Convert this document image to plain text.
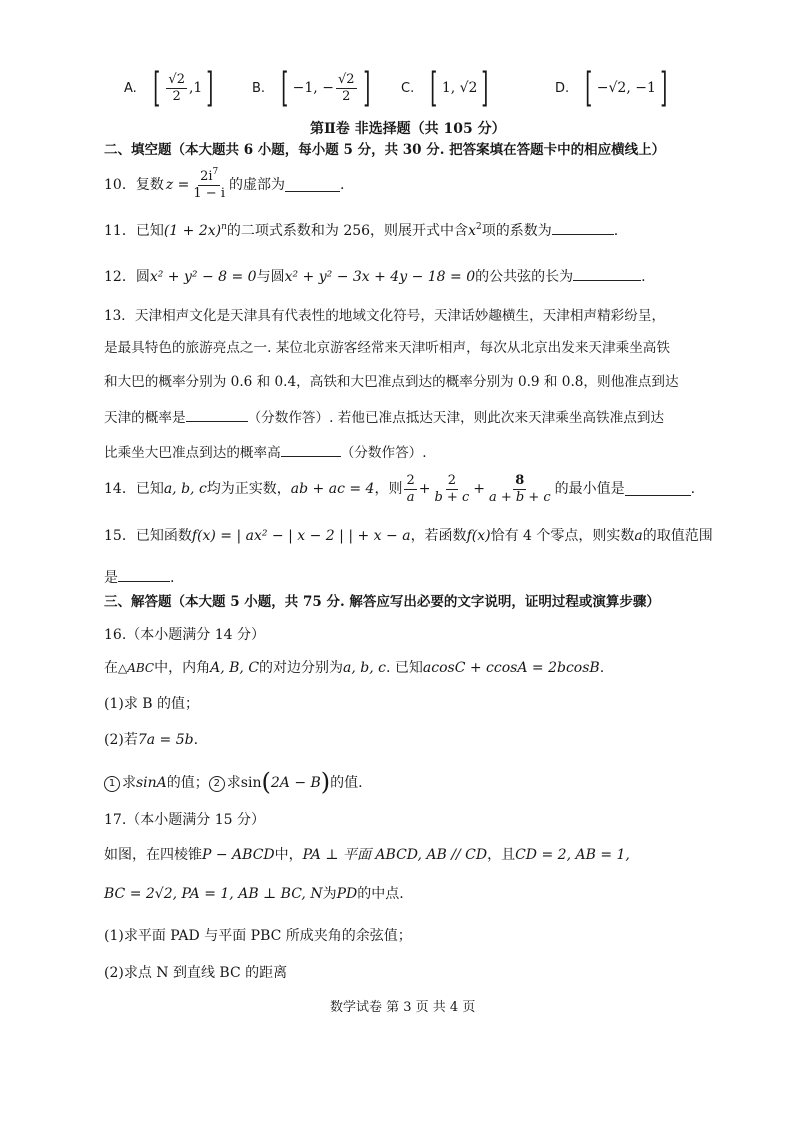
A. [ $\frac{√2}{2} ,1$ ]	B. [ −1, − $\frac{√2}{2}$ ] C. [ 1, √2 ]	D. [ −√2, −1 ]
第Ⅱ卷 非选择题（共 105 分）
二、填空题（本大题共 6 小题，每小题 5 分，共 30 分. 把答案填在答题卡中的相应横线上）
10．复数 $z = \frac{2i^7}{1 - i}$ 的虚部为	.
11．已知$(1 + 2x)^n$的二项式系数和为 256，则展开式中含$x^2$项的系数为	.
12．圆x² + y² − 8 = 0与圆x² + y² − 3x + 4y − 18 = 0的公共弦的长为	.
13．天津相声文化是天津具有代表性的地域文化符号，天津话妙趣横生，天津相声精彩纷呈，
是最具特色的旅游亮点之一. 某位北京游客经常来天津听相声，每次从北京出发来天津乘坐高铁
和大巴的概率分别为 0.6 和 0.4，高铁和大巴准点到达的概率分别为 0.9 和 0.8，则他准点到达
天津的概率是	（分数作答）. 若他已准点抵达天津，则此次来天津乘坐高铁准点到达
比乘坐大巴准点到达的概率高	（分数作答）.
14．已知 a, b, c 均为正实数， ab + ac = 4 ，则 $\frac{2}{a} + \frac{2}{b + c} + \frac{8}{a + b + c}$ 的最小值是	.
15．已知函数f(x) = | ax² − | x − 2 | | + x − a，若函数f(x)恰有 4 个零点，则实数a的取值范围
是	.
三、解答题（本大题 5 小题，共 75 分. 解答应写出必要的文字说明，证明过程或演算步骤）
16.（本小题满分 14 分）
在△ABC中，内角A, B, C的对边分别为a, b, c. 已知acosC + ccosA = 2bcosB.
(1)求 B 的值；
(2)若7a = 5b.
1 求sinA的值； 2 求sin(2A − B)的值.
17.（本小题满分 15 分）
如图，在四棱锥P − ABCD中，PA ⊥ 平面 ABCD, AB // CD，且CD = 2, AB = 1,
BC = 2√2, PA = 1, AB ⊥ BC, N为PD的中点.
(1)求平面 PAD 与平面 PBC 所成夹角的余弦值；
(2)求点 N 到直线 BC 的距离
数学试卷 第 3 页 共 4 页
